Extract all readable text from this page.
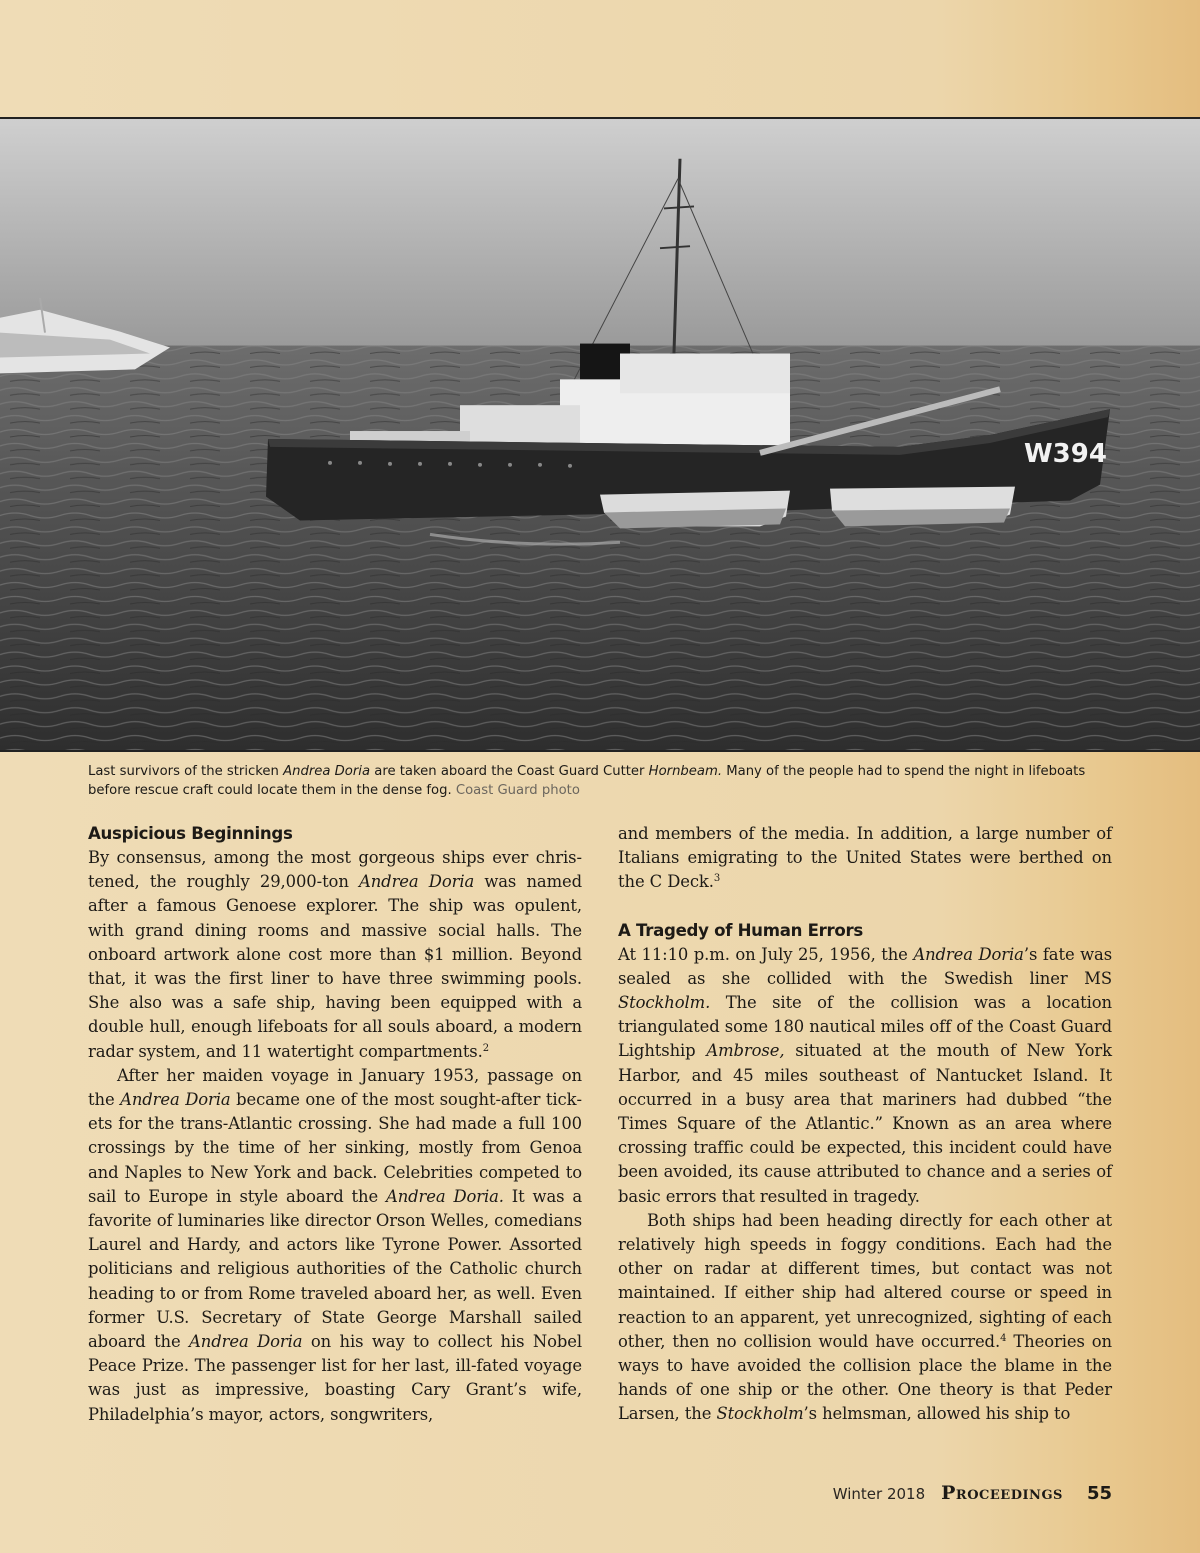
W394
Last survivors of the stricken Andrea Doria are taken aboard the Coast Guard Cutter Hornbeam. Many of the people had to spend the night in lifeboats before rescue craft could locate them in the dense fog. Coast Guard photo
Auspicious Beginnings

By consensus, among the most gorgeous ships ever christened, the roughly 29,000-ton Andrea Doria was named after a famous Genoese explorer. The ship was opulent, with grand dining rooms and massive social halls. The onboard artwork alone cost more than $1 million. Beyond that, it was the first liner to have three swimming pools. She also was a safe ship, having been equipped with a double hull, enough lifeboats for all souls aboard, a modern radar system, and 11 watertight compartments.$^2$

After her maiden voyage in January 1953, passage on the Andrea Doria became one of the most sought-after tickets for the trans-Atlantic crossing. She had made a full 100 crossings by the time of her sinking, mostly from Genoa and Naples to New York and back. Celebrities competed to sail to Europe in style aboard the Andrea Doria. It was a favorite of luminaries like director Orson Welles, comedians Laurel and Hardy, and actors like Tyrone Power. Assorted politicians and religious authorities of the Catholic church heading to or from Rome traveled aboard her, as well. Even former U.S. Secretary of State George Marshall sailed aboard the Andrea Doria on his way to collect his Nobel Peace Prize. The passenger list for her last, ill-fated voyage was just as impressive, boasting Cary Grant’s wife, Philadelphia’s mayor, actors, songwriters,

and members of the media. In addition, a large number of Italians emigrating to the United States were berthed on the C Deck.$^3$

A Tragedy of Human Errors

At 11:10 p.m. on July 25, 1956, the Andrea Doria’s fate was sealed as she collided with the Swedish liner MS Stockholm. The site of the collision was a location triangulated some 180 nautical miles off of the Coast Guard Lightship Ambrose, situated at the mouth of New York Harbor, and 45 miles southeast of Nantucket Island. It occurred in a busy area that mariners had dubbed “the Times Square of the Atlantic.” Known as an area where crossing traffic could be expected, this incident could have been avoided, its cause attributed to chance and a series of basic errors that resulted in tragedy.

Both ships had been heading directly for each other at relatively high speeds in foggy conditions. Each had the other on radar at different times, but contact was not maintained. If either ship had altered course or speed in reaction to an apparent, yet unrecognized, sighting of each other, then no collision would have occurred.$^4$ Theories on ways to have avoided the collision place the blame in the hands of one ship or the other. One theory is that Peder Larsen, the Stockholm’s helmsman, allowed his ship to

Winter 2018 Proceedings 55
